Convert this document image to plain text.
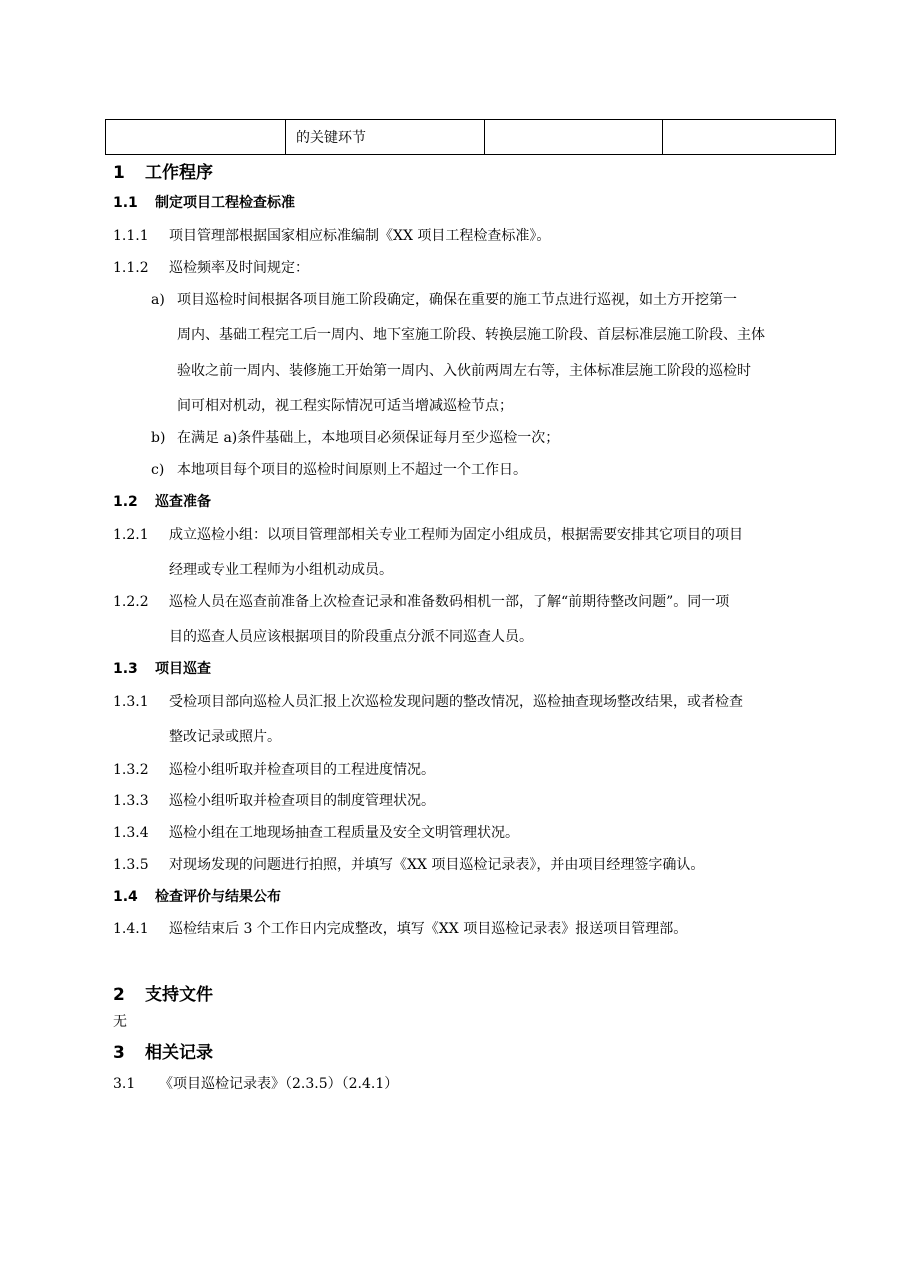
	的关键环节		
1 工作程序
1.1 制定项目工程检查标准
1.1.1 项目管理部根据国家相应标准编制《XX 项目工程检查标准》。
1.1.2 巡检频率及时间规定：
a) 项目巡检时间根据各项目施工阶段确定，确保在重要的施工节点进行巡视，如土方开挖第一
周内、基础工程完工后一周内、地下室施工阶段、转换层施工阶段、首层标准层施工阶段、主体
验收之前一周内、装修施工开始第一周内、入伙前两周左右等，主体标准层施工阶段的巡检时
间可相对机动，视工程实际情况可适当增减巡检节点；
b) 在满足 a)条件基础上，本地项目必须保证每月至少巡检一次；
c) 本地项目每个项目的巡检时间原则上不超过一个工作日。
1.2 巡查准备
1.2.1 成立巡检小组：以项目管理部相关专业工程师为固定小组成员，根据需要安排其它项目的项目
经理或专业工程师为小组机动成员。
1.2.2 巡检人员在巡查前准备上次检查记录和准备数码相机一部，了解“前期待整改问题”。同一项
目的巡查人员应该根据项目的阶段重点分派不同巡查人员。
1.3 项目巡查
1.3.1 受检项目部向巡检人员汇报上次巡检发现问题的整改情况，巡检抽查现场整改结果，或者检查
整改记录或照片。
1.3.2 巡检小组听取并检查项目的工程进度情况。
1.3.3 巡检小组听取并检查项目的制度管理状况。
1.3.4 巡检小组在工地现场抽查工程质量及安全文明管理状况。
1.3.5 对现场发现的问题进行拍照，并填写《XX 项目巡检记录表》，并由项目经理签字确认。
1.4 检查评价与结果公布
1.4.1 巡检结束后 3 个工作日内完成整改，填写《XX 项目巡检记录表》报送项目管理部。
2 支持文件
无
3 相关记录
3.1 《项目巡检记录表》（2.3.5）（2.4.1）
